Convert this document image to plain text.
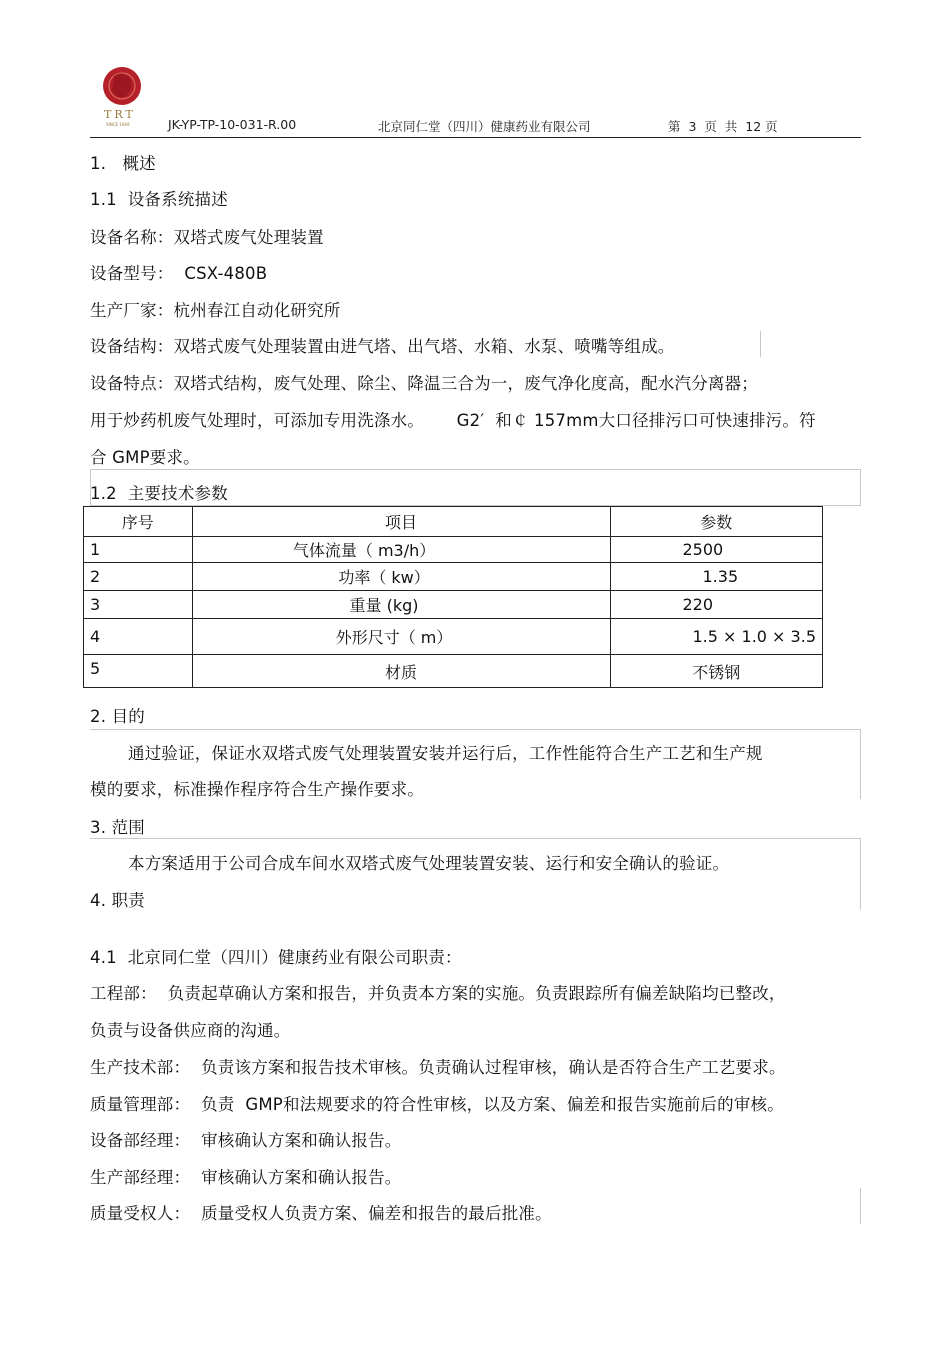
TRT
SINCE 1669	JK-YP-TP-10-031-R.00	北京同仁堂（四川）健康药业有限公司	第  3  页  共  12 页
1.   概述
1.1  设备系统描述
设备名称：双塔式废气处理装置
设备型号：  CSX-480B
生产厂家：杭州春江自动化研究所
设备结构：双塔式废气处理装置由进气塔、出气塔、水箱、水泵、喷嘴等组成。
设备特点：双塔式结构，废气处理、除尘、降温三合为一，废气净化度高，配水汽分离器；
用于炒药机废气处理时，可添加专用洗涤水。      G2′  和￠ 157mm大口径排污口可快速排污。符
合 GMP要求。
1.2  主要技术参数
序号	项目	参数
1	气体流量（ m3/h）	2500
2	功率（ kw）	1.35
3	重量 (kg)	220
4	外形尺寸（ m）	1.5 × 1.0 × 3.5
5	材质	不锈钢
2. 目的
通过验证，保证水双塔式废气处理装置安装并运行后，工作性能符合生产工艺和生产规
模的要求，标准操作程序符合生产操作要求。
3. 范围
本方案适用于公司合成车间水双塔式废气处理装置安装、运行和安全确认的验证。
4. 职责
4.1  北京同仁堂（四川）健康药业有限公司职责：
工程部：  负责起草确认方案和报告，并负责本方案的实施。负责跟踪所有偏差缺陷均已整改，
负责与设备供应商的沟通。
生产技术部：  负责该方案和报告技术审核。负责确认过程审核，确认是否符合生产工艺要求。
质量管理部：  负责  GMP和法规要求的符合性审核，以及方案、偏差和报告实施前后的审核。
设备部经理：  审核确认方案和确认报告。
生产部经理：  审核确认方案和确认报告。
质量受权人：  质量受权人负责方案、偏差和报告的最后批准。
